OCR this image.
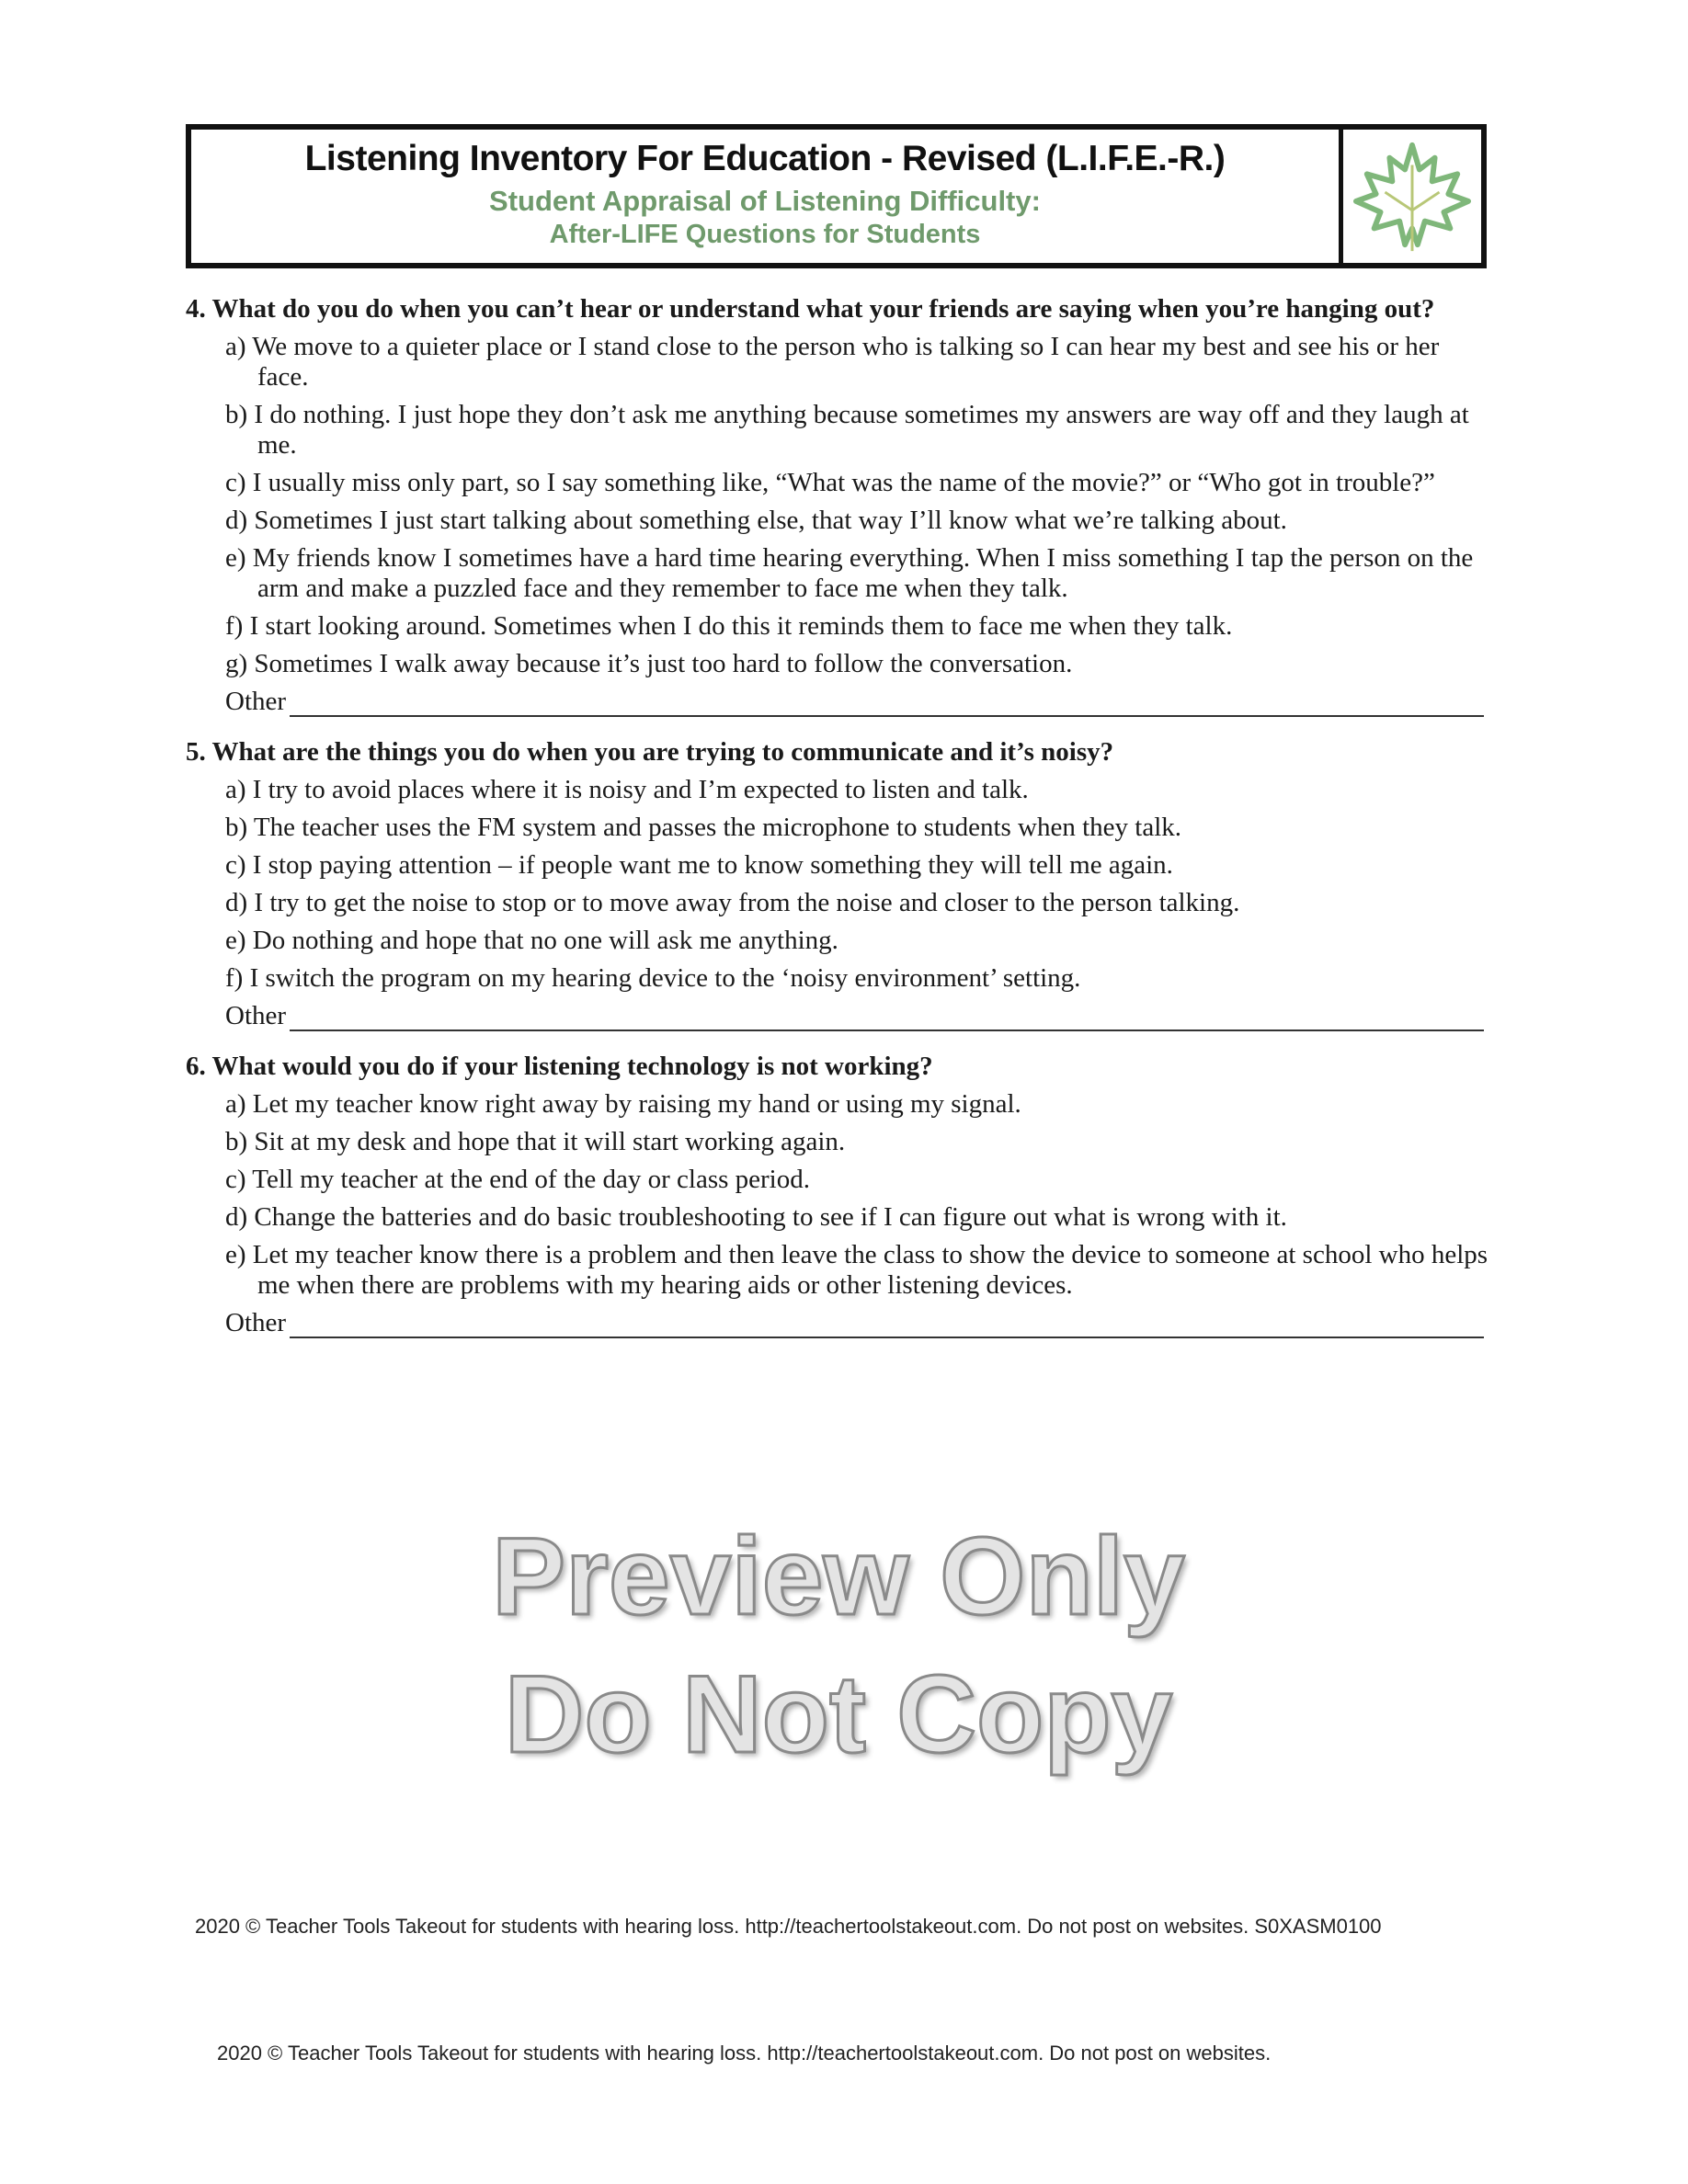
Listening Inventory For Education - Revised (L.I.F.E.-R.)
Student Appraisal of Listening Difficulty:
After-LIFE Questions for Students
4. What do you do when you can’t hear or understand what your friends are saying when you’re hanging out?
a) We move to a quieter place or I stand close to the person who is talking so I can hear my best and see his or her face.
b) I do nothing. I just hope they don’t ask me anything because sometimes my answers are way off and they laugh at me.
c) I usually miss only part, so I say something like, “What was the name of the movie?” or “Who got in trouble?”
d) Sometimes I just start talking about something else, that way I’ll know what we’re talking about.
e) My friends know I sometimes have a hard time hearing everything. When I miss something I tap the person on the arm and make a puzzled face and they remember to face me when they talk.
f) I start looking around. Sometimes when I do this it reminds them to face me when they talk.
g) Sometimes I walk away because it’s just too hard to follow the conversation.
Other
5. What are the things you do when you are trying to communicate and it’s noisy?
a) I try to avoid places where it is noisy and I’m expected to listen and talk.
b) The teacher uses the FM system and passes the microphone to students when they talk.
c) I stop paying attention – if people want me to know something they will tell me again.
d) I try to get the noise to stop or to move away from the noise and closer to the person talking.
e) Do nothing and hope that no one will ask me anything.
f) I switch the program on my hearing device to the ‘noisy environment’ setting.
Other
6. What would you do if your listening technology is not working?
a) Let my teacher know right away by raising my hand or using my signal.
b) Sit at my desk and hope that it will start working again.
c) Tell my teacher at the end of the day or class period.
d) Change the batteries and do basic troubleshooting to see if I can figure out what is wrong with it.
e) Let my teacher know there is a problem and then leave the class to show the device to someone at school who helps me when there are problems with my hearing aids or other listening devices.
Other
Preview Only
Do Not Copy
2020 © Teacher Tools Takeout for students with hearing loss. http://teachertoolstakeout.com. Do not post on websites. S0XASM0100
2020 © Teacher Tools Takeout for students with hearing loss. http://teachertoolstakeout.com. Do not post on websites.
